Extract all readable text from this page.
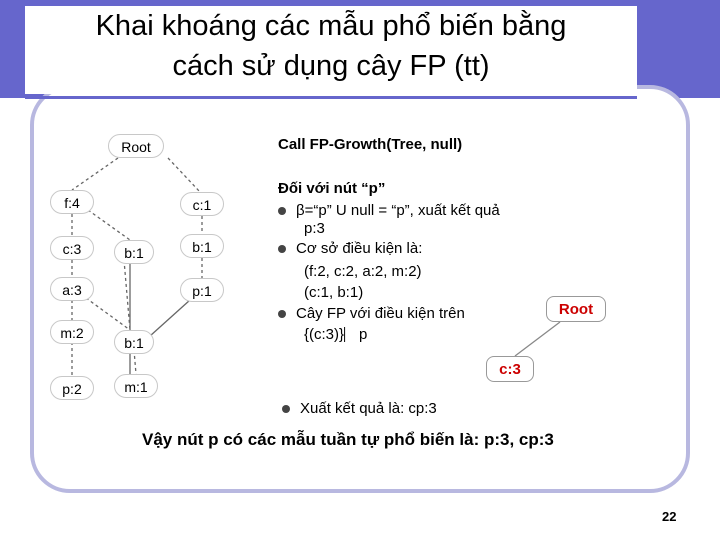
Khai khoáng các mẫu phổ biến bằng
cách sử dụng cây FP (tt)
Root
f:4
c:3
a:3
m:2
p:2
b:1
b:1
m:1
c:1
b:1
p:1
Call FP-Growth(Tree, null)
Đối với nút “p”
β=“p” U null = “p”, xuất kết quả
p:3
Cơ sở điều kiện là:
(f:2, c:2, a:2, m:2)
(c:1, b:1)
Cây FP với điều kiện trên
{(c:3)}⎸p
Root
c:3
Xuất kết quả là: cp:3
Vậy nút p có các mẫu tuần tự phổ biến là: p:3, cp:3
22
